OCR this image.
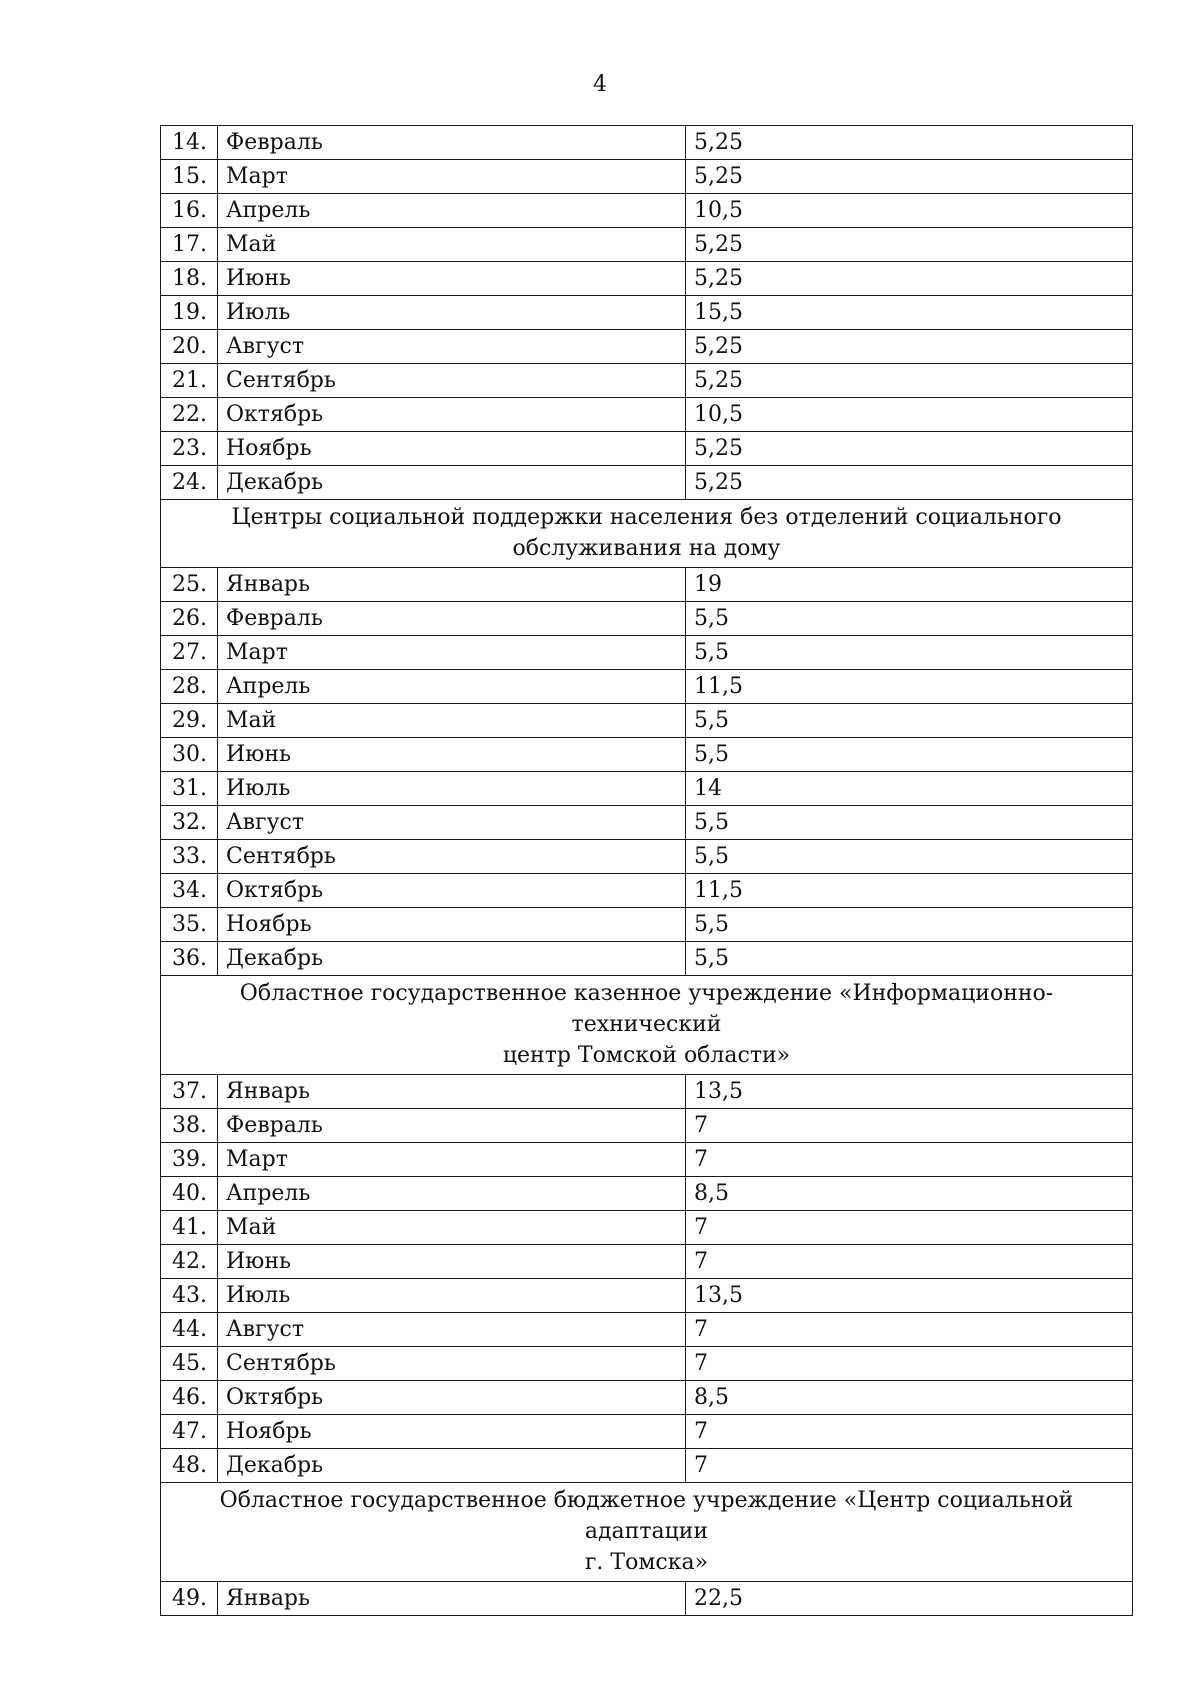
4
14.	Февраль	5,25
15.	Март	5,25
16.	Апрель	10,5
17.	Май	5,25
18.	Июнь	5,25
19.	Июль	15,5
20.	Август	5,25
21.	Сентябрь	5,25
22.	Октябрь	10,5
23.	Ноябрь	5,25
24.	Декабрь	5,25

Центры социальной поддержки населения без отделений социального
обслуживания на дому		

25.	Январь	19
26.	Февраль	5,5
27.	Март	5,5
28.	Апрель	11,5
29.	Май	5,5
30.	Июнь	5,5
31.	Июль	14
32.	Август	5,5
33.	Сентябрь	5,5
34.	Октябрь	11,5
35.	Ноябрь	5,5
36.	Декабрь	5,5

Областное государственное казенное учреждение «Информационно-технический
центр Томской области»		

37.	Январь	13,5
38.	Февраль	7
39.	Март	7
40.	Апрель	8,5
41.	Май	7
42.	Июнь	7
43.	Июль	13,5
44.	Август	7
45.	Сентябрь	7
46.	Октябрь	8,5
47.	Ноябрь	7
48.	Декабрь	7

Областное государственное бюджетное учреждение «Центр социальной адаптации
г. Томска»		

49.	Январь	22,5
